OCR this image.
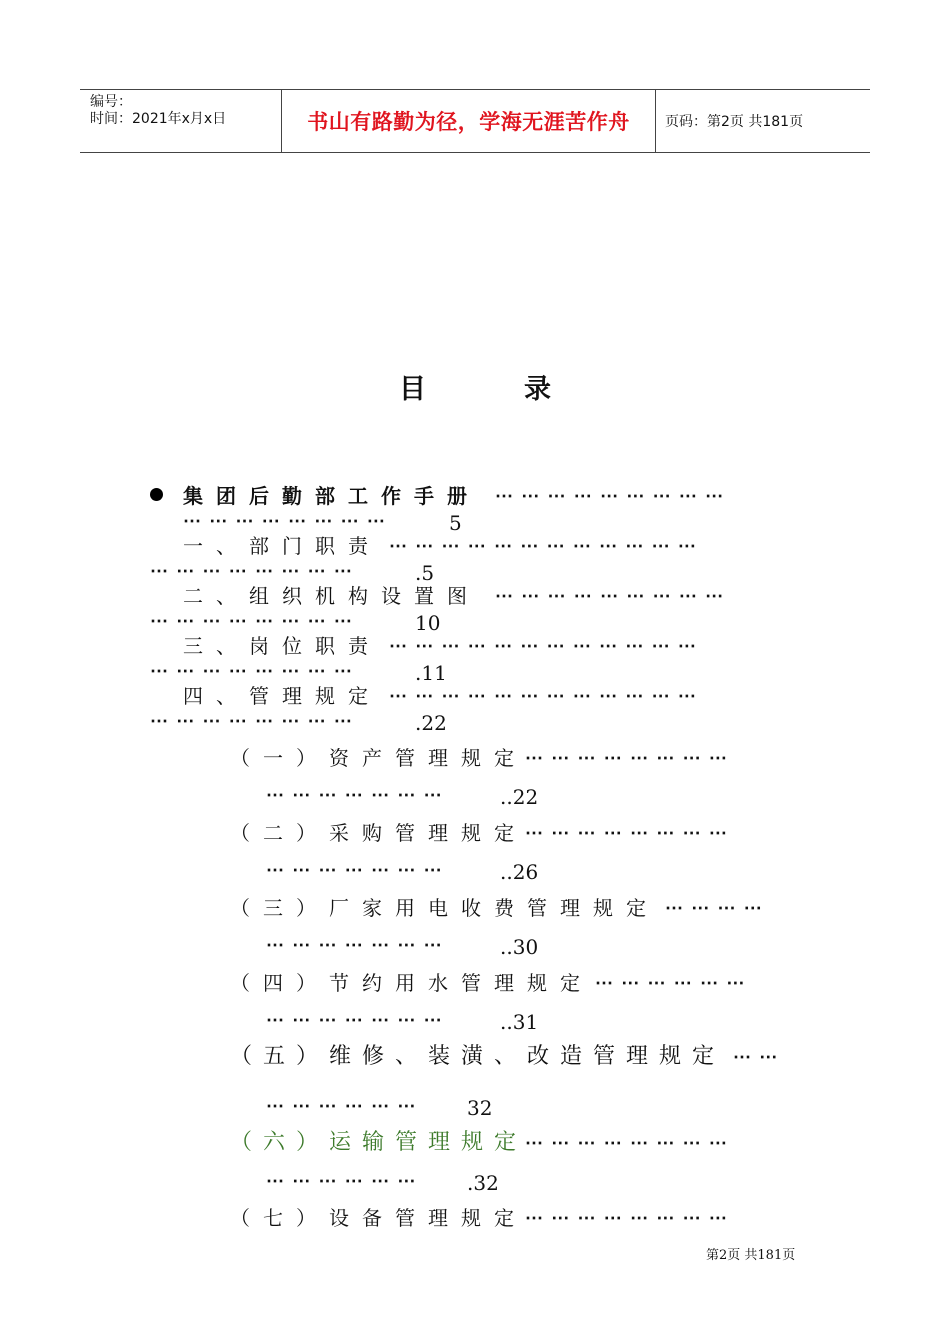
编号：
时间：2021年x月x日	书山有路勤为径，学海无涯苦作舟	页码：第2页 共181页
目	录
集团后勤部工作手册 ⋯ ⋯ ⋯ ⋯ ⋯ ⋯ ⋯ ⋯ ⋯
⋯ ⋯ ⋯ ⋯ ⋯ ⋯ ⋯ ⋯	5
一、部门职责 ⋯ ⋯ ⋯ ⋯ ⋯ ⋯ ⋯ ⋯ ⋯ ⋯ ⋯ ⋯
⋯ ⋯ ⋯ ⋯ ⋯ ⋯ ⋯ ⋯	.5
二、组织机构设置图 ⋯ ⋯ ⋯ ⋯ ⋯ ⋯ ⋯ ⋯ ⋯
⋯ ⋯ ⋯ ⋯ ⋯ ⋯ ⋯ ⋯	10
三、岗位职责 ⋯ ⋯ ⋯ ⋯ ⋯ ⋯ ⋯ ⋯ ⋯ ⋯ ⋯ ⋯
⋯ ⋯ ⋯ ⋯ ⋯ ⋯ ⋯ ⋯	.11
四、管理规定 ⋯ ⋯ ⋯ ⋯ ⋯ ⋯ ⋯ ⋯ ⋯ ⋯ ⋯ ⋯
⋯ ⋯ ⋯ ⋯ ⋯ ⋯ ⋯ ⋯	.22
（一）资产管理规定
⋯ ⋯ ⋯ ⋯ ⋯ ⋯ ⋯ ⋯
⋯ ⋯ ⋯ ⋯ ⋯ ⋯ ⋯	..22
（二）采购管理规定
⋯ ⋯ ⋯ ⋯ ⋯ ⋯ ⋯ ⋯
⋯ ⋯ ⋯ ⋯ ⋯ ⋯ ⋯	..26
（三）厂家用电收费管理规定 ⋯ ⋯ ⋯ ⋯
⋯ ⋯ ⋯ ⋯ ⋯ ⋯ ⋯	..30
（四）节约用水管理规定 ⋯ ⋯ ⋯ ⋯ ⋯ ⋯
⋯ ⋯ ⋯ ⋯ ⋯ ⋯ ⋯	..31
（五）维修、装潢、改造管理规定 ⋯ ⋯
⋯ ⋯ ⋯ ⋯ ⋯ ⋯	32
（六）运输管理规定
⋯ ⋯ ⋯ ⋯ ⋯ ⋯ ⋯ ⋯
⋯ ⋯ ⋯ ⋯ ⋯ ⋯	.32
（七）设备管理规定
⋯ ⋯ ⋯ ⋯ ⋯ ⋯ ⋯ ⋯
第2页 共181页
